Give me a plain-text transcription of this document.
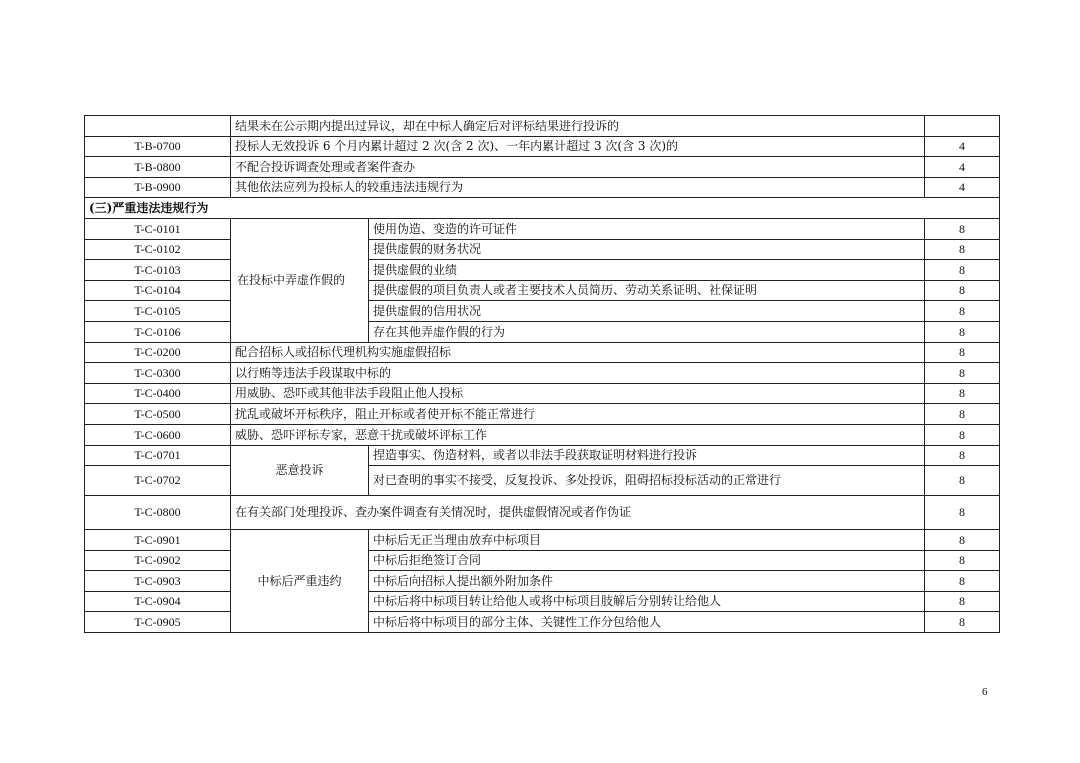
	结果未在公示期内提出过异议，却在中标人确定后对评标结果进行投诉的		
T-B-0700	投标人无效投诉 6 个月内累计超过 2 次(含 2 次)、一年内累计超过 3 次(含 3 次)的		4
T-B-0800	不配合投诉调查处理或者案件查办		4
T-B-0900	其他依法应列为投标人的较重违法违规行为		4
(三)严重违法违规行为			
T-C-0101	在投标中弄虚作假的	使用伪造、变造的许可证件	8
T-C-0102		提供虚假的财务状况	8
T-C-0103		提供虚假的业绩	8
T-C-0104		提供虚假的项目负责人或者主要技术人员简历、劳动关系证明、社保证明	8
T-C-0105		提供虚假的信用状况	8
T-C-0106		存在其他弄虚作假的行为	8
T-C-0200	配合招标人或招标代理机构实施虚假招标		8
T-C-0300	以行贿等违法手段谋取中标的		8
T-C-0400	用威胁、恐吓或其他非法手段阻止他人投标		8
T-C-0500	扰乱或破坏开标秩序，阻止开标或者使开标不能正常进行		8
T-C-0600	威胁、恐吓评标专家，恶意干扰或破坏评标工作		8
T-C-0701	恶意投诉	捏造事实、伪造材料，或者以非法手段获取证明材料进行投诉	8
T-C-0702		对已查明的事实不接受，反复投诉、多处投诉，阻碍招标投标活动的正常进行	8
T-C-0800	在有关部门处理投诉、查办案件调查有关情况时，提供虚假情况或者作伪证		8
T-C-0901	中标后严重违约	中标后无正当理由放弃中标项目	8
T-C-0902		中标后拒绝签订合同	8
T-C-0903		中标后向招标人提出额外附加条件	8
T-C-0904		中标后将中标项目转让给他人或将中标项目肢解后分别转让给他人	8
T-C-0905		中标后将中标项目的部分主体、关键性工作分包给他人	8
6
